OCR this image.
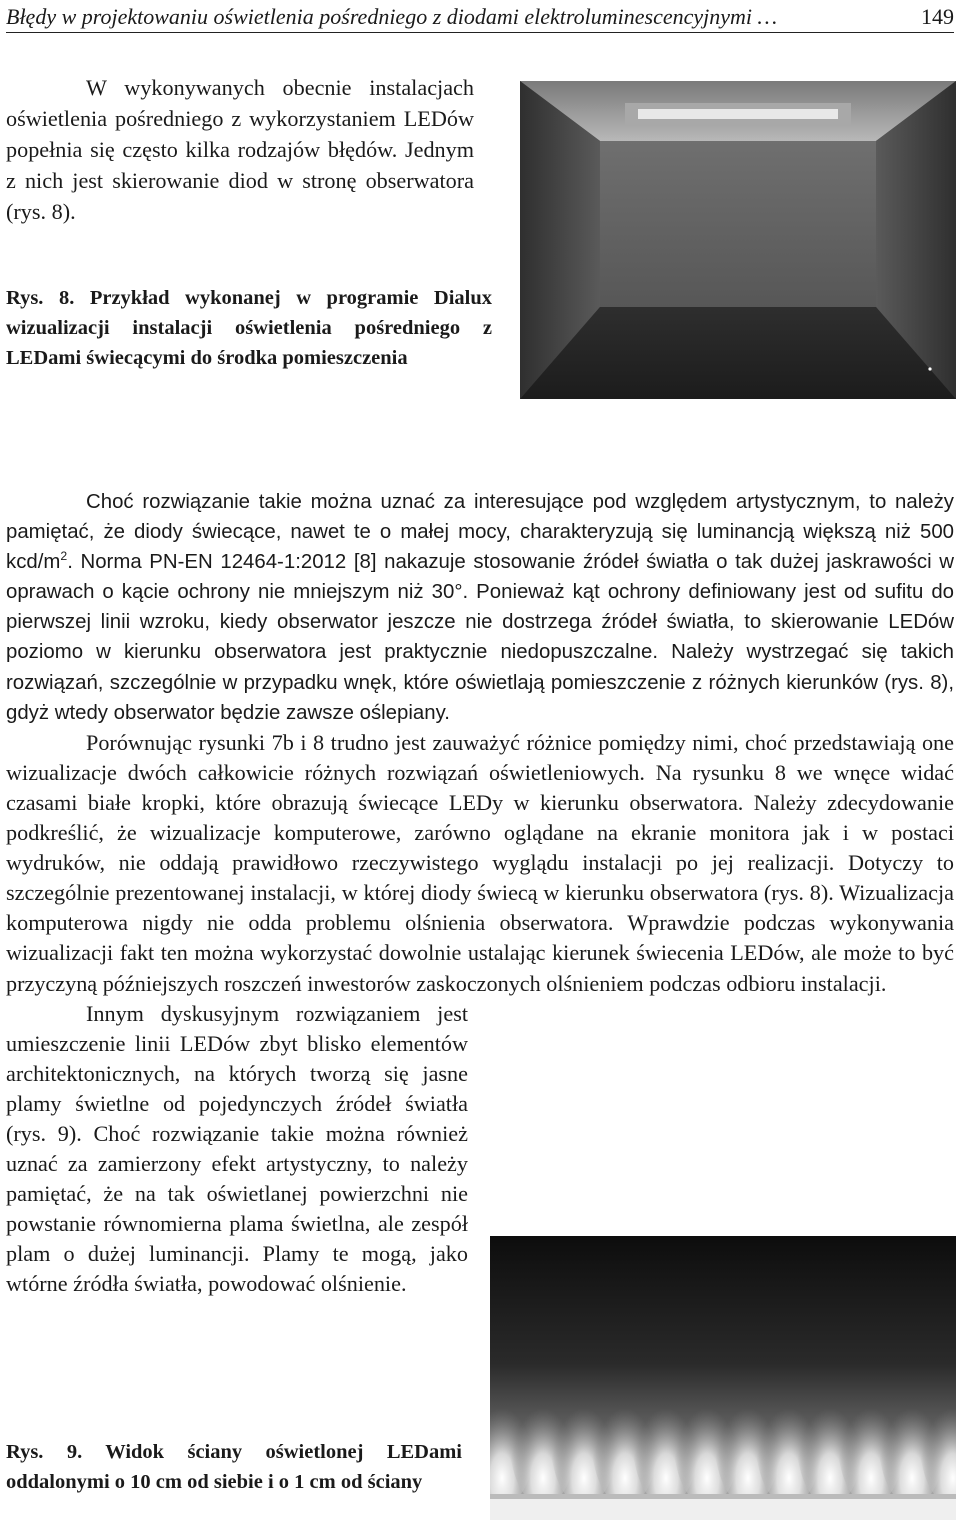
Błędy w projektowaniu oświetlenia pośredniego z diodami elektroluminescencyjnymi …	149
W wykonywanych obecnie instalacjach oświetlenia pośredniego z wykorzystaniem LEDów popełnia się często kilka rodzajów błędów. Jednym z nich jest skierowanie diod w stronę obserwatora (rys. 8).
Rys. 8. Przykład wykonanej w programie Dialux wizualizacji instalacji oświetlenia pośredniego z LEDami świecącymi do środka pomieszczenia

Choć rozwiązanie takie można uznać za interesujące pod względem artystycznym, to należy pamiętać, że diody świecące, nawet te o małej mocy, charakteryzują się luminancją większą niż 500 kcd/$m^2$. Norma PN-EN 12464-1:2012 [8] nakazuje stosowanie źródeł światła o tak dużej jaskrawości w oprawach o kącie ochrony nie mniejszym niż 30°. Ponieważ kąt ochrony definiowany jest od sufitu do pierwszej linii wzroku, kiedy obserwator jeszcze nie dostrzega źródeł światła, to skierowanie LEDów poziomo w kierunku obserwatora jest praktycznie niedopuszczalne. Należy wystrzegać się takich rozwiązań, szczególnie w przypadku wnęk, które oświetlają pomieszczenie z różnych kierunków (rys. 8), gdyż wtedy obserwator będzie zawsze oślepiany.

Porównując rysunki 7b i 8 trudno jest zauważyć różnice pomiędzy nimi, choć przedstawiają one wizualizacje dwóch całkowicie różnych rozwiązań oświetleniowych. Na rysunku 8 we wnęce widać czasami białe kropki, które obrazują świecące LEDy w kierunku obserwatora. Należy zdecydowanie podkreślić, że wizualizacje komputerowe, zarówno oglądane na ekranie monitora jak i w postaci wydruków, nie oddają prawidłowo rzeczywistego wyglądu instalacji po jej realizacji. Dotyczy to szczególnie prezentowanej instalacji, w której diody świecą w kierunku obserwatora (rys. 8). Wizualizacja komputerowa nigdy nie odda problemu olśnienia obserwatora. Wprawdzie podczas wykonywania wizualizacji fakt ten można wykorzystać dowolnie ustalając kierunek świecenia LEDów, ale może to być przyczyną późniejszych roszczeń inwestorów zaskoczonych olśnieniem podczas odbioru instalacji.

Innym dyskusyjnym rozwiązaniem jest umieszczenie linii LEDów zbyt blisko elementów architektonicznych, na których tworzą się jasne plamy świetlne od pojedynczych źródeł światła (rys. 9). Choć rozwiązanie takie można również uznać za zamierzony efekt artystyczny, to należy pamiętać, że na tak oświetlanej powierzchni nie powstanie równomierna plama świetlna, ale zespół plam o dużej luminancji. Plamy te mogą, jako wtórne źródła światła, powodować olśnienie.

Rys. 9. Widok ściany oświetlonej LEDami oddalonymi o 10 cm od siebie i o 1 cm od ściany
